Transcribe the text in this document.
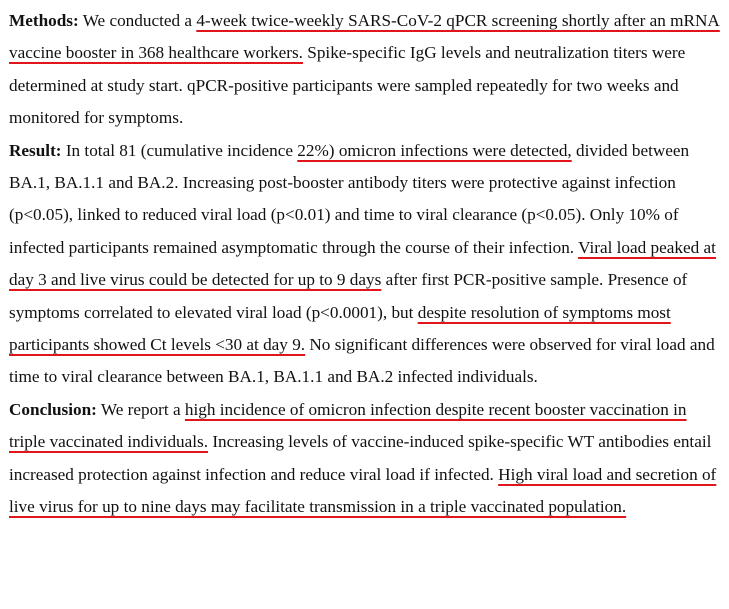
Methods: We conducted a 4-week twice-weekly SARS-CoV-2 qPCR screening shortly after an mRNA vaccine booster in 368 healthcare workers. Spike-specific IgG levels and neutralization titers were determined at study start. qPCR-positive participants were sampled repeatedly for two weeks and monitored for symptoms.

Result: In total 81 (cumulative incidence 22%) omicron infections were detected, divided between BA.1, BA.1.1 and BA.2. Increasing post-booster antibody titers were protective against infection (p<0.05), linked to reduced viral load (p<0.01) and time to viral clearance (p<0.05). Only 10% of infected participants remained asymptomatic through the course of their infection. Viral load peaked at day 3 and live virus could be detected for up to 9 days after first PCR-positive sample. Presence of symptoms correlated to elevated viral load (p<0.0001), but despite resolution of symptoms most participants showed Ct levels <30 at day 9. No significant differences were observed for viral load and time to viral clearance between BA.1, BA.1.1 and BA.2 infected individuals.

Conclusion: We report a high incidence of omicron infection despite recent booster vaccination in triple vaccinated individuals. Increasing levels of vaccine-induced spike-specific WT antibodies entail increased protection against infection and reduce viral load if infected. High viral load and secretion of live virus for up to nine days may facilitate transmission in a triple vaccinated population.
